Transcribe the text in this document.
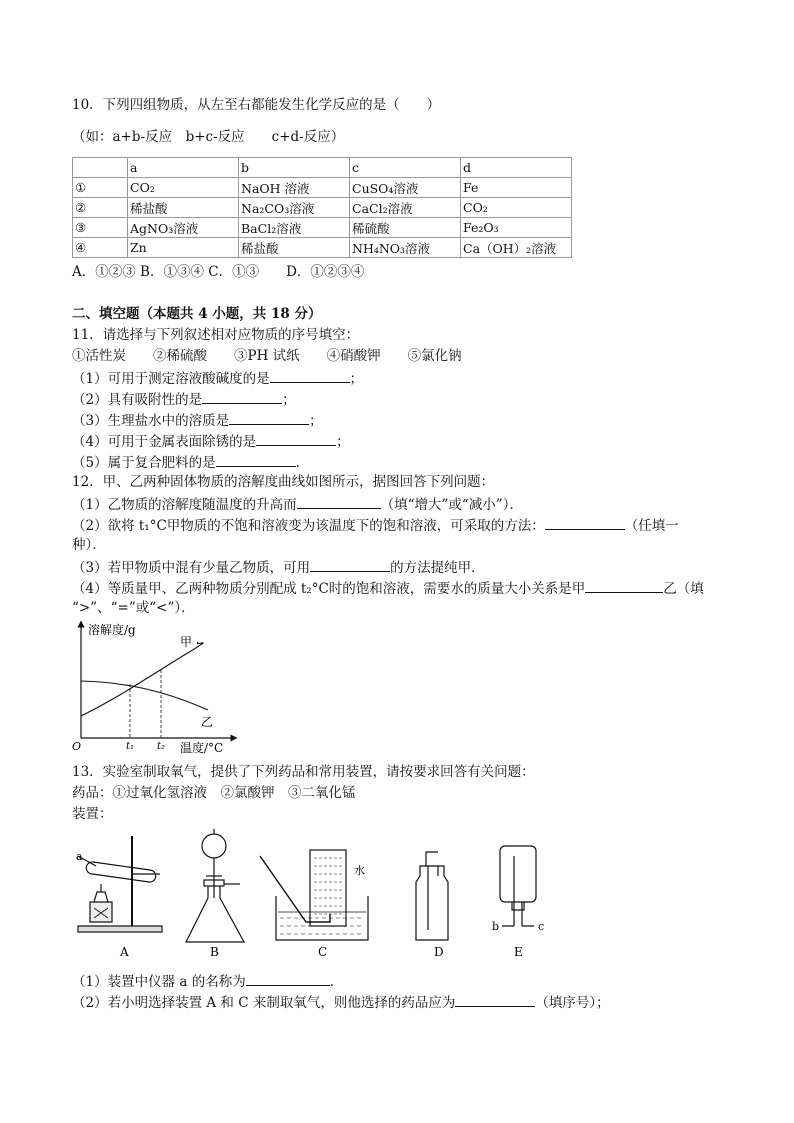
10．下列四组物质，从左至右都能发生化学反应的是（　　）
（如：a+b-反应　b+c-反应　　c+d-反应）
	a	b	c	d
①	CO₂	NaOH 溶液	CuSO₄溶液	Fe
②	稀盐酸	Na₂CO₃溶液	CaCl₂溶液	CO₂
③	AgNO₃溶液	BaCl₂溶液	稀硫酸	Fe₂O₃
④	Zn	稀盐酸	NH₄NO₃溶液	Ca（OH）₂溶液
A．①②③ B．①③④ C．①③　　D．①②③④
二、填空题（本题共 4 小题，共 18 分）
11．请选择与下列叙述相对应物质的序号填空：
①活性炭　　②稀硫酸　　③PH 试纸　　④硝酸钾　　⑤氯化钠
（1）可用于测定溶液酸碱度的是	；
（2）具有吸附性的是	；
（3）生理盐水中的溶质是	；
（4）可用于金属表面除锈的是	；
（5）属于复合肥料的是	．
12．甲、乙两种固体物质的溶解度曲线如图所示，据图回答下列问题：
（1）乙物质的溶解度随温度的升高而	（填“增大”或“减小”）．
（2）欲将 t₁°C甲物质的不饱和溶液变为该温度下的饱和溶液，可采取的方法：	（任填一
种）．
（3）若甲物质中混有少量乙物质，可用	的方法提纯甲．
（4）等质量甲、乙两种物质分别配成 t₂°C时的饱和溶液，需要水的质量大小关系是甲	乙（填
“>”、“=”或“<”）．
溶解度/g
甲
乙
O	t₁ t₂ 温度/°C
13．实验室制取氧气，提供了下列药品和常用装置，请按要求回答有关问题：
药品：①过氧化氢溶液　②氯酸钾　③二氧化锰
装置：
a
水
b	c
A	B	C	D	E
（1）装置中仪器 a 的名称为	．
（2）若小明选择装置 A 和 C 来制取氧气，则他选择的药品应为	（填序号）；
